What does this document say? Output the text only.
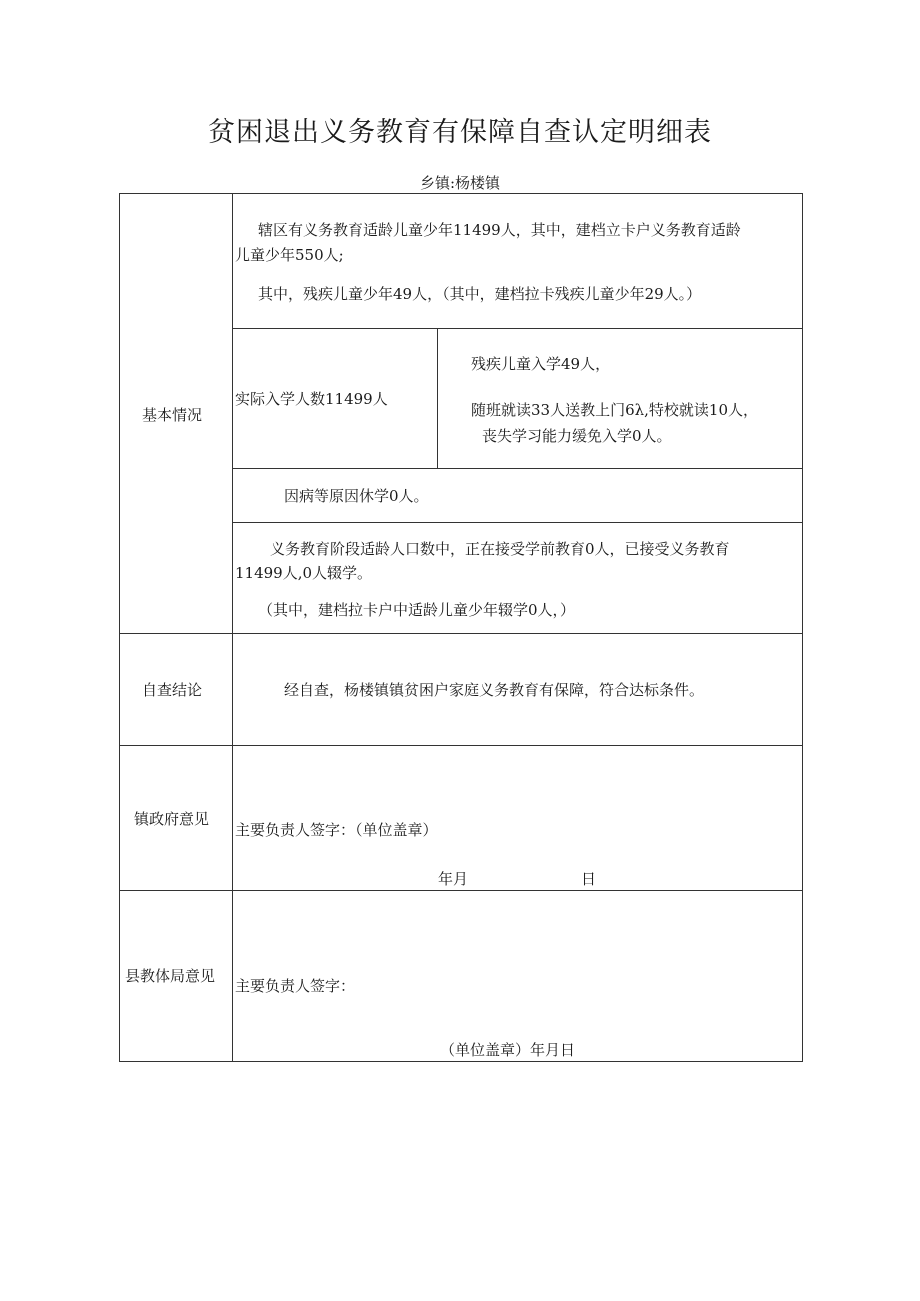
贫困退出义务教育有保障自查认定明细表
乡镇:杨楼镇
基本情况
辖区有义务教育适龄儿童少年11499人，其中，建档立卡户义务教育适龄
儿童少年550人;
其中，残疾儿童少年49人，（其中，建档拉卡残疾儿童少年29人。）
实际入学人数11499人
残疾儿童入学49人，
随班就读33人送教上门6λ,特校就读10人，
丧失学习能力缓免入学0人。
因病等原因休学0人。
义务教育阶段适龄人口数中，正在接受学前教育0人，已接受义务教育
11499人,0人辍学。
（其中，建档拉卡户中适龄儿童少年辍学0人，）
自查结论	经自查，杨楼镇镇贫困户家庭义务教育有保障，符合达标条件。
镇政府意见
主要负责人签字：（单位盖章）
年月	日
县教体局意见
主要负责人签字：
（单位盖章）年月日
